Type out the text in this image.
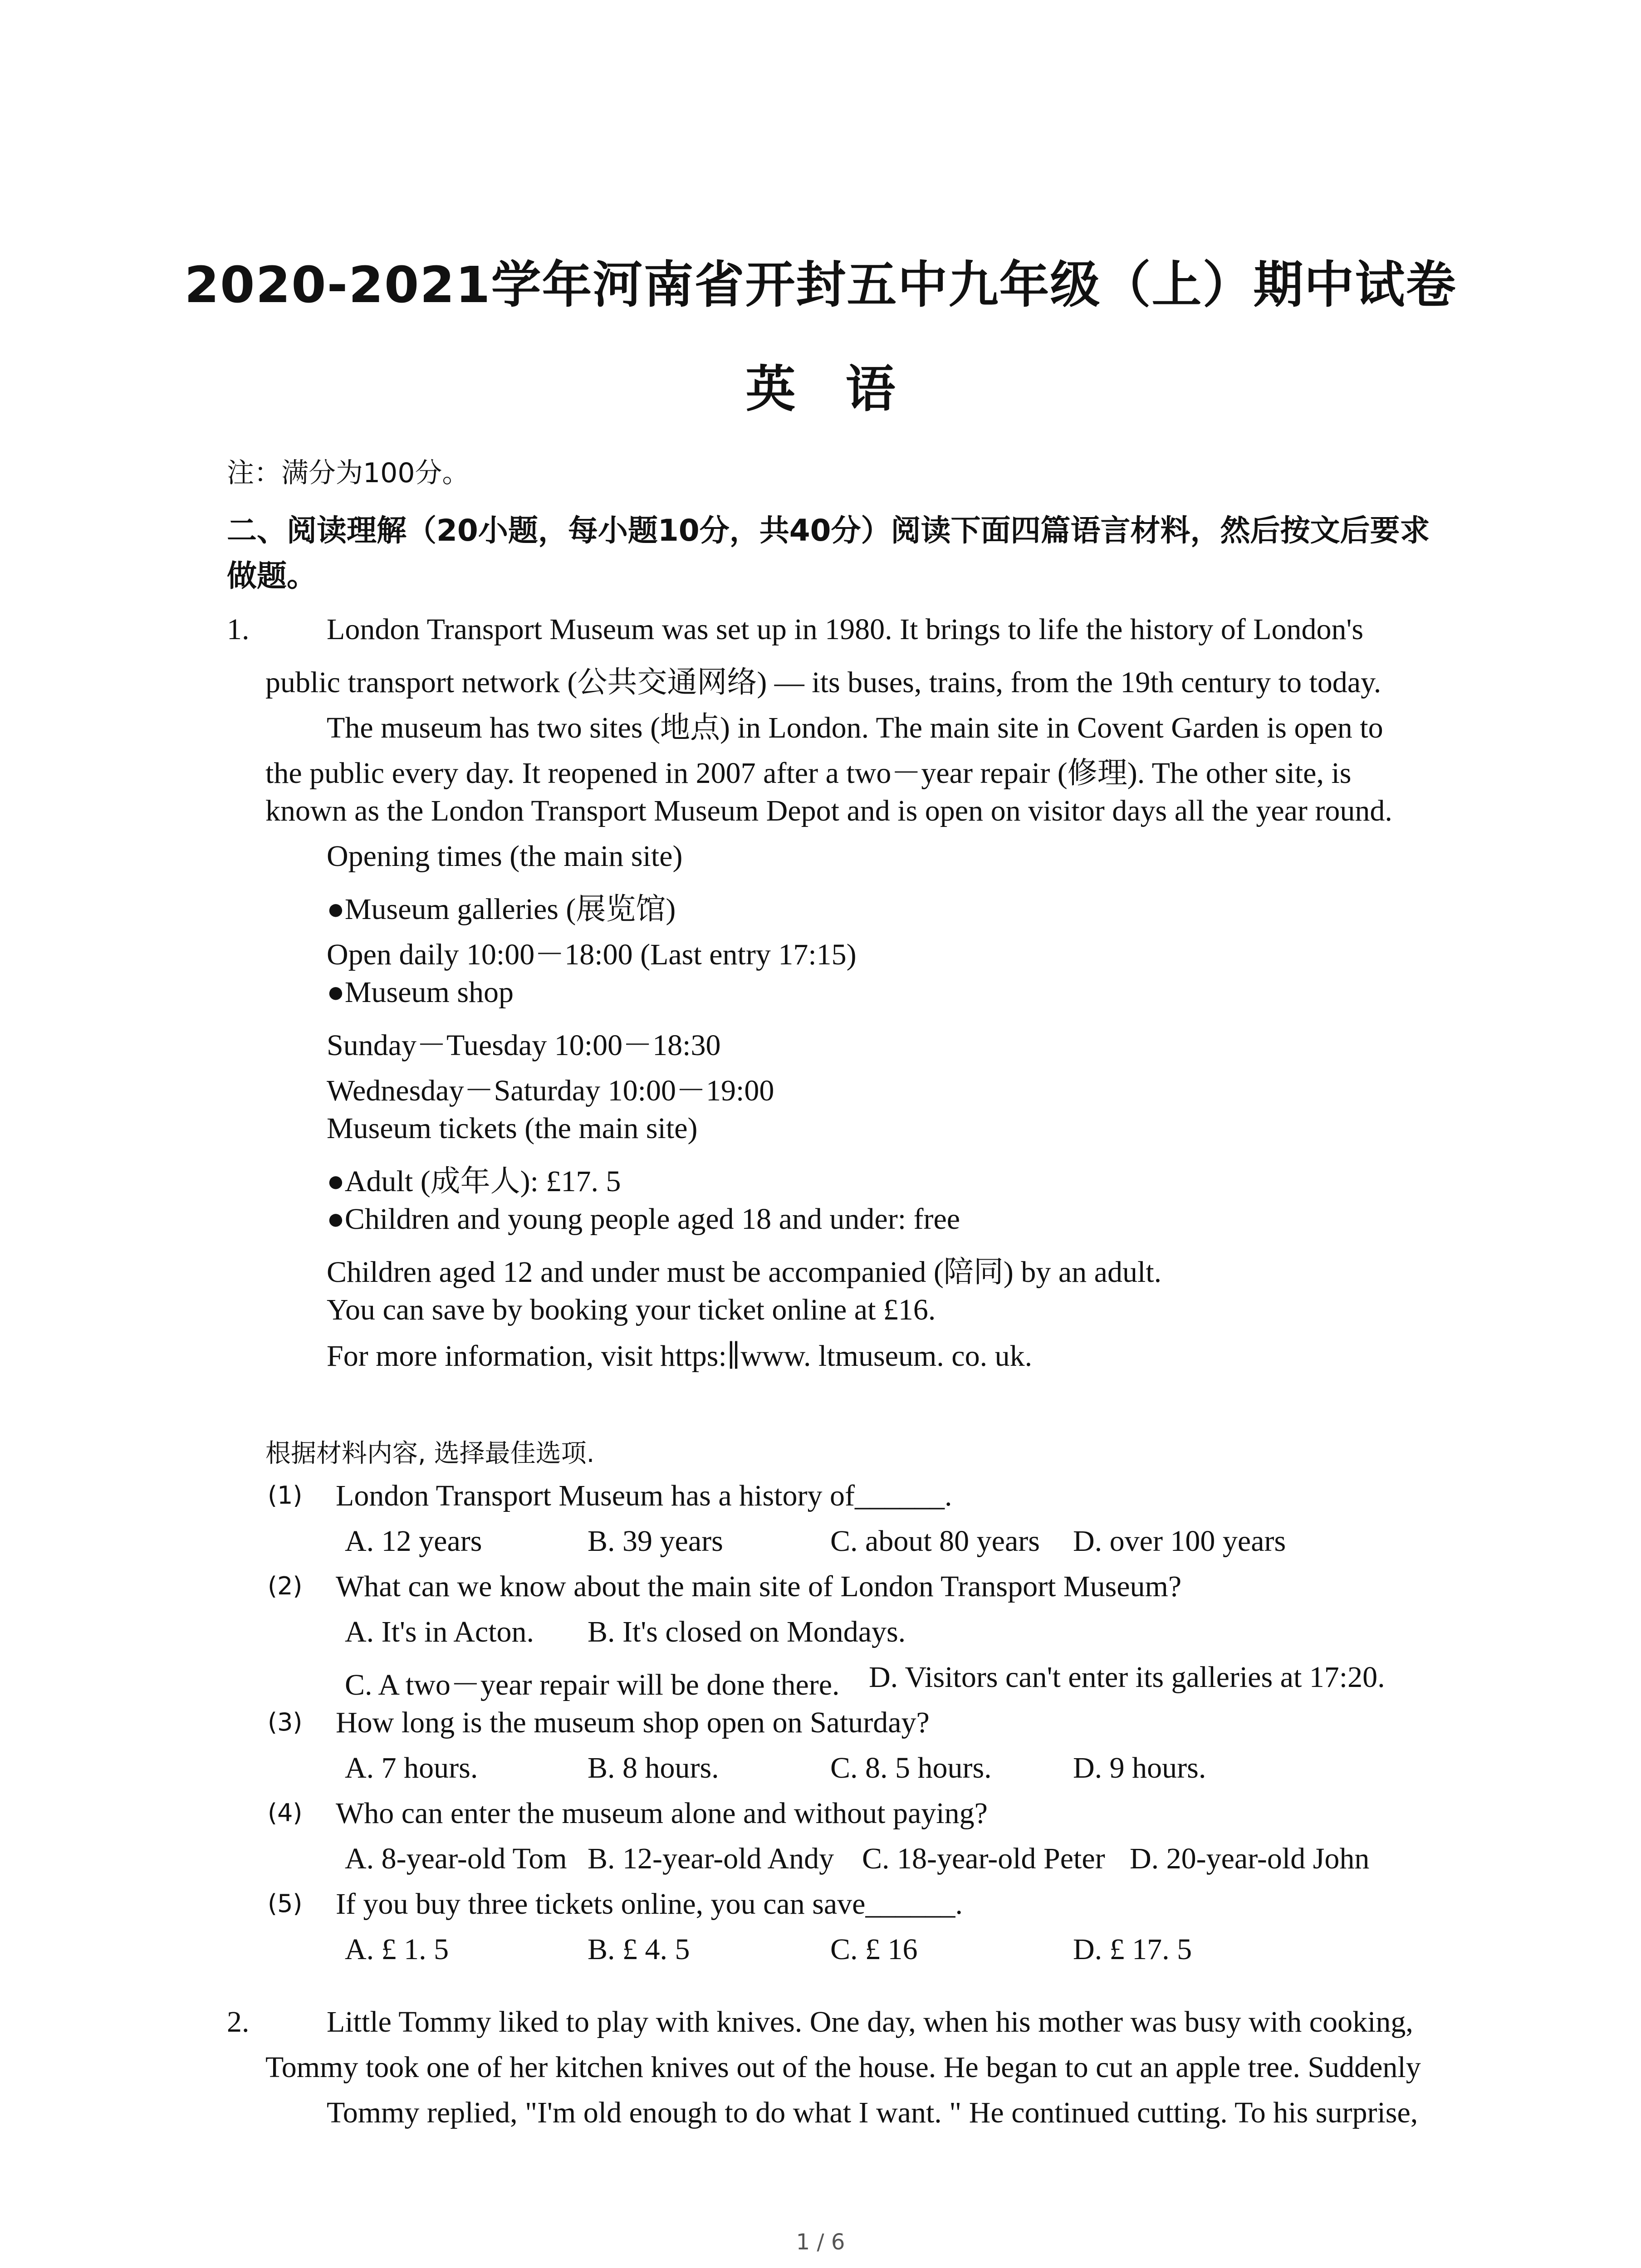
2020-2021学年河南省开封五中九年级（上）期中试卷
英语
注：满分为100分。
二、阅读理解（20小题，每小题10分，共40分）阅读下面四篇语言材料，然后按文后要求做题。
1.	London Transport Museum was set up in 1980. It brings to life the history of London's
public transport network (公共交通网络) — its buses, trains, from the 19th century to today.
The museum has two sites (地点) in London. The main site in Covent Garden is open to
the public every day. It reopened in 2007 after a two－year repair (修理). The other site, is
known as the London Transport Museum Depot and is open on visitor days all the year round.
Opening times (the main site)
●Museum galleries (展览馆)
Open daily 10:00－18:00 (Last entry 17:15)
●Museum shop
Sunday－Tuesday 10:00－18:30
Wednesday－Saturday 10:00－19:00
Museum tickets (the main site)
●Adult (成年人): £17. 5
●Children and young people aged 18 and under: free
Children aged 12 and under must be accompanied (陪同) by an adult.
You can save by booking your ticket online at £16.
For more information, visit https:∥www. ltmuseum. co. uk.
根据材料内容, 选择最佳选项.
(1) London Transport Museum has a history of______.
A. 12 years	B. 39 years	C. about 80 years D. over 100 years
(2) What can we know about the main site of London Transport Museum?
A. It's in Acton. B. It's closed on Mondays.
C. A two－year repair will be done there. D. Visitors can't enter its galleries at 17:20.
(3) How long is the museum shop open on Saturday?
A. 7 hours.	B. 8 hours.	C. 8. 5 hours.	D. 9 hours.
(4) Who can enter the museum alone and without paying?
A. 8-year-old Tom B. 12-year-old Andy C. 18-year-old Peter D. 20-year-old John
(5) If you buy three tickets online, you can save______.
A. £ 1. 5	B. £ 4. 5	C. £ 16	D. £ 17. 5
2.	Little Tommy liked to play with knives. One day, when his mother was busy with cooking,
Tommy took one of her kitchen knives out of the house. He began to cut an apple tree. Suddenly
Tommy replied, "I'm old enough to do what I want. " He continued cutting. To his surprise,
1 / 6
